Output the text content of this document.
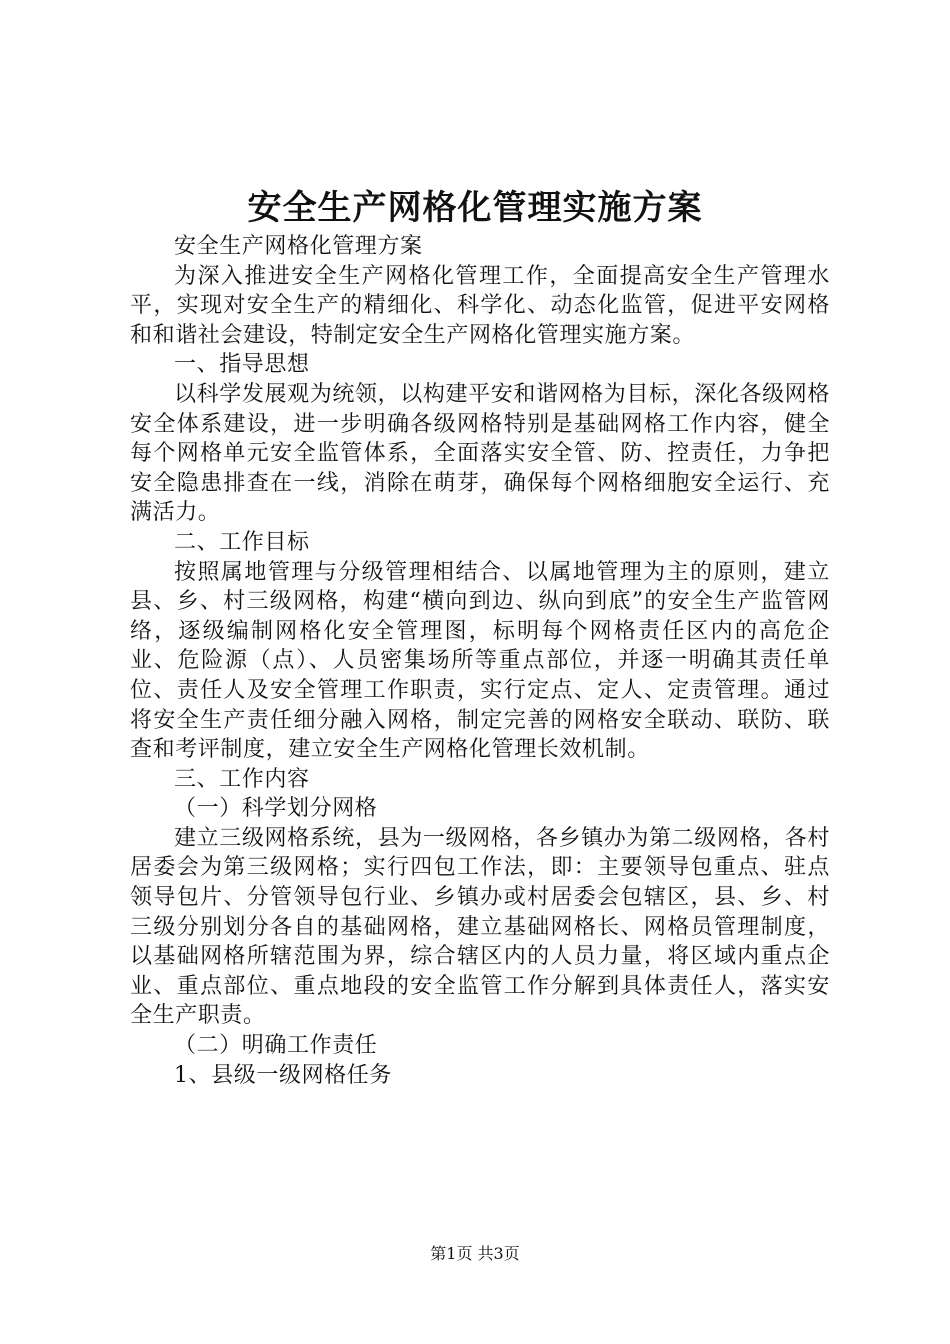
安全生产网格化管理实施方案

安全生产网格化管理方案

为深入推进安全生产网格化管理工作，全面提高安全生产管理水平，实现对安全生产的精细化、科学化、动态化监管，促进平安网格和和谐社会建设，特制定安全生产网格化管理实施方案。

一、指导思想

以科学发展观为统领，以构建平安和谐网格为目标，深化各级网格安全体系建设，进一步明确各级网格特别是基础网格工作内容，健全每个网格单元安全监管体系，全面落实安全管、防、控责任，力争把安全隐患排查在一线，消除在萌芽，确保每个网格细胞安全运行、充满活力。

二、工作目标

按照属地管理与分级管理相结合、以属地管理为主的原则，建立县、乡、村三级网格，构建“横向到边、纵向到底”的安全生产监管网络，逐级编制网格化安全管理图，标明每个网格责任区内的高危企业、危险源（点）、人员密集场所等重点部位，并逐一明确其责任单位、责任人及安全管理工作职责，实行定点、定人、定责管理。通过将安全生产责任细分融入网格，制定完善的网格安全联动、联防、联查和考评制度，建立安全生产网格化管理长效机制。

三、工作内容

（一）科学划分网格

建立三级网格系统，县为一级网格，各乡镇办为第二级网格，各村居委会为第三级网格；实行四包工作法，即：主要领导包重点、驻点领导包片、分管领导包行业、乡镇办或村居委会包辖区，县、乡、村三级分别划分各自的基础网格，建立基础网格长、网格员管理制度，以基础网格所辖范围为界，综合辖区内的人员力量，将区域内重点企业、重点部位、重点地段的安全监管工作分解到具体责任人，落实安全生产职责。

（二）明确工作责任

1、县级一级网格任务

第1页 共3页
